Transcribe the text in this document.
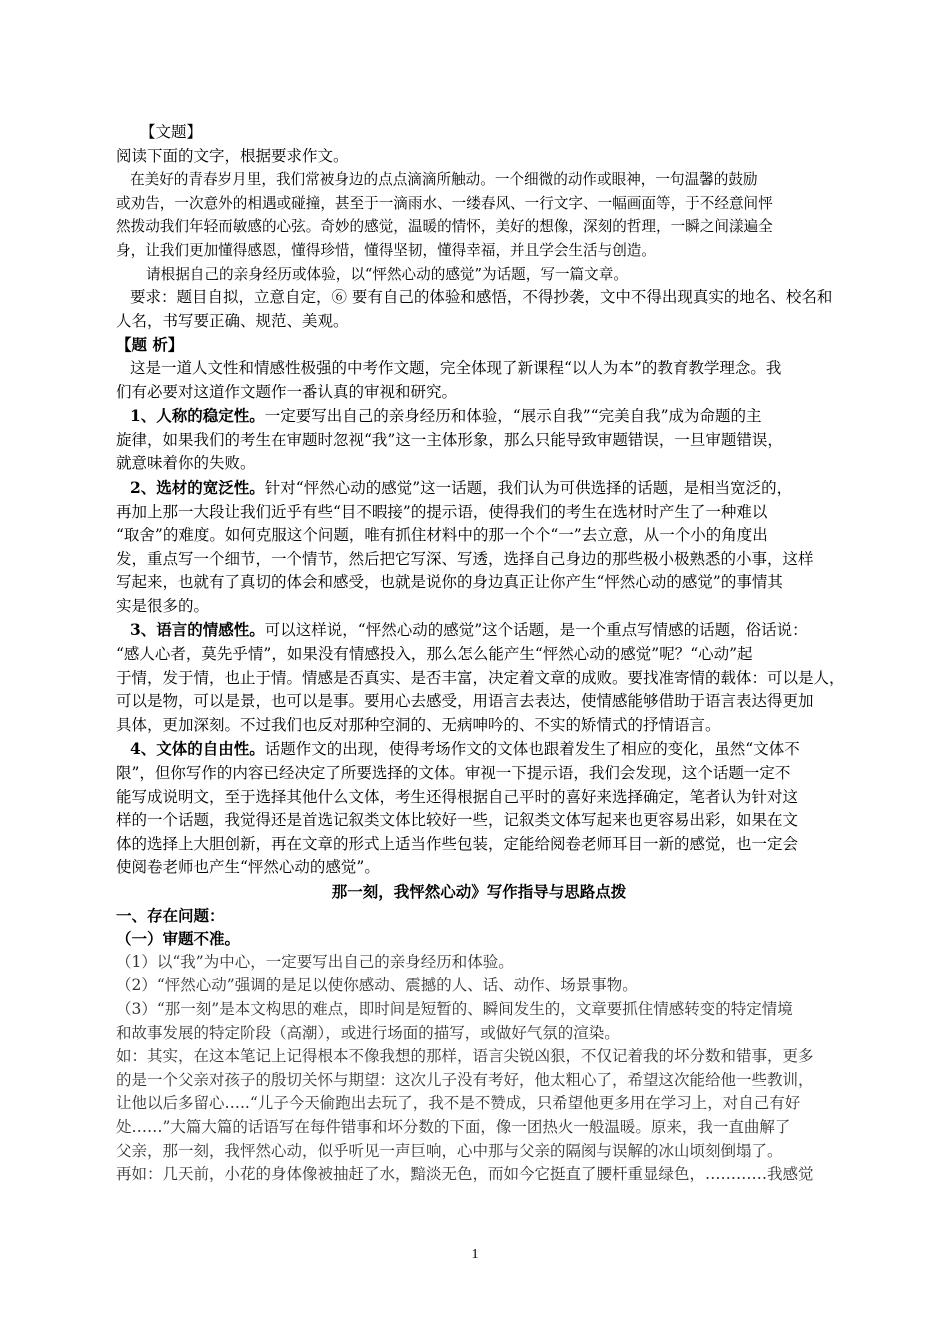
【文题】
阅读下面的文字，根据要求作文。
在美好的青春岁月里，我们常被身边的点点滴滴所触动。一个细微的动作或眼神，一句温馨的鼓励
或劝告，一次意外的相遇或碰撞，甚至于一滴雨水、一缕春风、一行文字、一幅画面等，于不经意间怦
然拨动我们年轻而敏感的心弦。奇妙的感觉，温暖的情怀，美好的想像，深刻的哲理，一瞬之间漾遍全
身，让我们更加懂得感恩，懂得珍惜，懂得坚韧，懂得幸福，并且学会生活与创造。
请根据自己的亲身经历或体验，以“怦然心动的感觉”为话题，写一篇文章。
要求：题目自拟，立意自定，⑥ 要有自己的体验和感悟，不得抄袭，文中不得出现真实的地名、校名和
人名，书写要正确、规范、美观。
【题 析】
这是一道人文性和情感性极强的中考作文题，完全体现了新课程“以人为本”的教育教学理念。我
们有必要对这道作文题作一番认真的审视和研究。
1、人称的稳定性。一定要写出自己的亲身经历和体验，“展示自我”“完美自我”成为命题的主
旋律，如果我们的考生在审题时忽视“我”这一主体形象，那么只能导致审题错误，一旦审题错误，
就意味着你的失败。
2、选材的宽泛性。针对“怦然心动的感觉”这一话题，我们认为可供选择的话题，是相当宽泛的，
再加上那一大段让我们近乎有些“目不暇接”的提示语，使得我们的考生在选材时产生了一种难以
“取舍”的难度。如何克服这个问题，唯有抓住材料中的那一个个“一”去立意，从一个小的角度出
发，重点写一个细节，一个情节，然后把它写深、写透，选择自己身边的那些极小极熟悉的小事，这样
写起来，也就有了真切的体会和感受，也就是说你的身边真正让你产生“怦然心动的感觉”的事情其
实是很多的。
3、语言的情感性。可以这样说，“怦然心动的感觉”这个话题，是一个重点写情感的话题，俗话说：
“感人心者，莫先乎情”，如果没有情感投入，那么怎么能产生“怦然心动的感觉”呢？“心动”起
于情，发于情，也止于情。情感是否真实、是否丰富，决定着文章的成败。要找准寄情的载体：可以是人，
可以是物，可以是景，也可以是事。要用心去感受，用语言去表达，使情感能够借助于语言表达得更加
具体，更加深刻。不过我们也反对那种空洞的、无病呻吟的、不实的矫情式的抒情语言。
4、文体的自由性。话题作文的出现，使得考场作文的文体也跟着发生了相应的变化，虽然“文体不
限”，但你写作的内容已经决定了所要选择的文体。审视一下提示语，我们会发现，这个话题一定不
能写成说明文，至于选择其他什么文体，考生还得根据自己平时的喜好来选择确定，笔者认为针对这
样的一个话题，我觉得还是首选记叙类文体比较好一些，记叙类文体写起来也更容易出彩，如果在文
体的选择上大胆创新，再在文章的形式上适当作些包装，定能给阅卷老师耳目一新的感觉，也一定会
使阅卷老师也产生“怦然心动的感觉”。
那一刻，我怦然心动》写作指导与思路点拨
一、存在问题：
（一）审题不准。
（1）以“我”为中心，一定要写出自己的亲身经历和体验。
（2）“怦然心动”强调的是足以使你感动、震撼的人、话、动作、场景事物。
（3）“那一刻”是本文构思的难点，即时间是短暂的、瞬间发生的，文章要抓住情感转变的特定情境
和故事发展的特定阶段（高潮），或进行场面的描写，或做好气氛的渲染。
如：其实，在这本笔记上记得根本不像我想的那样，语言尖锐凶狠，不仅记着我的坏分数和错事，更多
的是一个父亲对孩子的殷切关怀与期望：这次儿子没有考好，他太粗心了，希望这次能给他一些教训，
让他以后多留心…..“儿子今天偷跑出去玩了，我不是不赞成，只希望他更多用在学习上，对自己有好
处……”大篇大篇的话语写在每件错事和坏分数的下面，像一团热火一般温暖。原来，我一直曲解了
父亲，那一刻，我怦然心动，似乎听见一声巨响，心中那与父亲的隔阂与误解的冰山顷刻倒塌了。
再如：几天前，小花的身体像被抽赶了水，黯淡无色，而如今它挺直了腰杆重显绿色，…………我感觉
1
